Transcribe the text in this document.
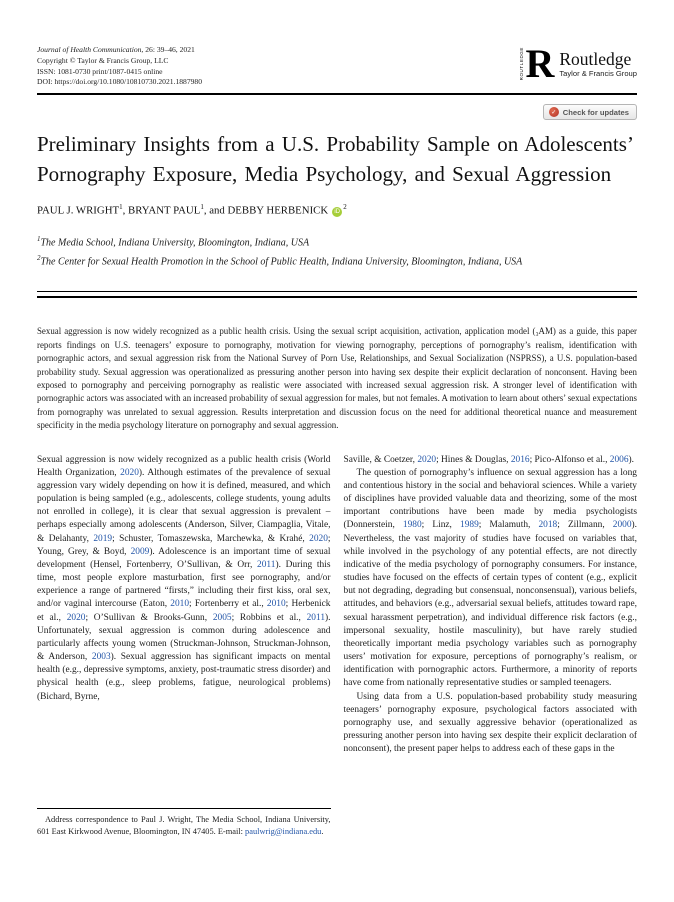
Journal of Health Communication, 26: 39–46, 2021
Copyright © Taylor & Francis Group, LLC
ISSN: 1081-0730 print/1087-0415 online
DOI: https://doi.org/10.1080/10810730.2021.1887980
ROUTLEDGE R Routledge
Taylor & Francis Group
✓ Check for updates
Preliminary Insights from a U.S. Probability Sample on Adolescents’ Pornography Exposure, Media Psychology, and Sexual Aggression
PAUL J. WRIGHT$^1$, BRYANT PAUL$^1$, and DEBBY HERBENICK $iD^2$
$^1$The Media School, Indiana University, Bloomington, Indiana, USA
$^2$The Center for Sexual Health Promotion in the School of Public Health, Indiana University, Bloomington, Indiana, USA

Sexual aggression is now widely recognized as a public health crisis. Using the sexual script acquisition, activation, application model (₃AM) as a guide, this paper reports findings on U.S. teenagers’ exposure to pornography, motivation for viewing pornography, perceptions of pornography’s realism, identification with pornographic actors, and sexual aggression risk from the National Survey of Porn Use, Relationships, and Sexual Socialization (NSPRSS), a U.S. population-based probability study. Sexual aggression was operationalized as pressuring another person into having sex despite their explicit declaration of nonconsent. Having been exposed to pornography and perceiving pornography as realistic were associated with increased sexual aggression risk. A stronger level of identification with pornographic actors was associated with an increased probability of sexual aggression for males, but not females. A motivation to learn about others’ sexual expectations from pornography was unrelated to sexual aggression. Results interpretation and discussion focus on the need for additional theoretical nuance and measurement specificity in the media psychology literature on pornography and sexual aggression.

Sexual aggression is now widely recognized as a public health crisis (World Health Organization, 2020). Although estimates of the prevalence of sexual aggression vary widely depending on how it is defined, measured, and which population is being sampled (e.g., adolescents, college students, young adults not enrolled in college), it is clear that sexual aggression is prevalent – perhaps especially among adolescents (Anderson, Silver, Ciampaglia, Vitale, & Delahanty, 2019; Schuster, Tomaszewska, Marchewka, & Krahé, 2020; Young, Grey, & Boyd, 2009). Adolescence is an important time of sexual development (Hensel, Fortenberry, O’Sullivan, & Orr, 2011). During this time, most people explore masturbation, first see pornography, and/or experience a range of partnered “firsts,” including their first kiss, oral sex, and/or vaginal intercourse (Eaton, 2010; Fortenberry et al., 2010; Herbenick et al., 2020; O’Sullivan & Brooks-Gunn, 2005; Robbins et al., 2011). Unfortunately, sexual aggression is common during adolescence and particularly affects young women (Struckman-Johnson, Struckman-Johnson, & Anderson, 2003). Sexual aggression has significant impacts on mental health (e.g., depressive symptoms, anxiety, post-traumatic stress disorder) and physical health (e.g., sleep problems, fatigue, neurological problems) (Bichard, Byrne,

Address correspondence to Paul J. Wright, The Media School, Indiana University, 601 East Kirkwood Avenue, Bloomington, IN 47405. E-mail: paulwrig@indiana.edu.

Saville, & Coetzer, 2020; Hines & Douglas, 2016; Pico-Alfonso et al., 2006).

The question of pornography’s influence on sexual aggression has a long and contentious history in the social and behavioral sciences. While a variety of disciplines have provided valuable data and theorizing, some of the most important contributions have been made by media psychologists (Donnerstein, 1980; Linz, 1989; Malamuth, 2018; Zillmann, 2000). Nevertheless, the vast majority of studies have focused on variables that, while involved in the psychology of any potential effects, are not directly indicative of the media psychology of pornography consumers. For instance, studies have focused on the effects of certain types of content (e.g., explicit but not degrading, degrading but consensual, nonconsensual), various beliefs, attitudes, and behaviors (e.g., adversarial sexual beliefs, attitudes toward rape, sexual harassment perpetration), and individual difference risk factors (e.g., impersonal sexuality, hostile masculinity), but have rarely studied theoretically important media psychology variables such as pornography users’ motivation for exposure, perceptions of pornography’s realism, or identification with pornographic actors. Furthermore, a minority of reports have come from nationally representative studies or sampled teenagers.

Using data from a U.S. population-based probability study measuring teenagers’ pornography exposure, psychological factors associated with pornography use, and sexually aggressive behavior (operationalized as pressuring another person into having sex despite their explicit declaration of nonconsent), the present paper helps to address each of these gaps in the
